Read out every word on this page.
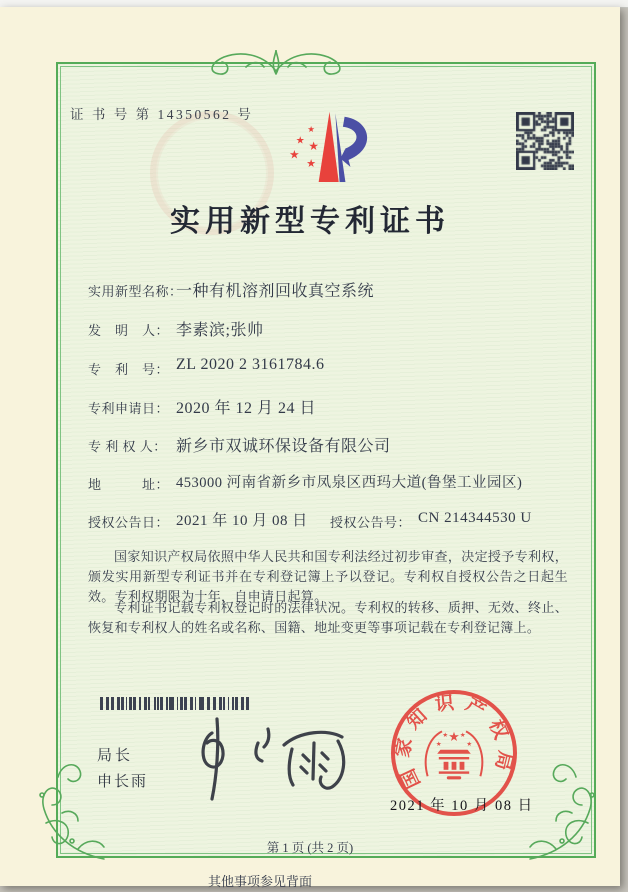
证 书 号 第 14350562 号
★
★ ★
★
★
实用新型专利证书
实用新型名称：
一种有机溶剂回收真空系统
发　明　人： 李素滨;张帅
专　利　号： ZL 2020 2 3161784.6
专利申请日： 2020 年 12 月 24 日
专 利 权 人： 新乡市双诚环保设备有限公司
地　　　址： 453000 河南省新乡市凤泉区西玛大道(鲁堡工业园区)
授权公告日： 2021 年 10 月 08 日 授权公告号： CN 214344530 U
国家知识产权局依照中华人民共和国专利法经过初步审查，决定授予专利权，颁发实用新型专利证书并在专利登记簿上予以登记。专利权自授权公告之日起生效。专利权期限为十年，自申请日起算。
专利证书记载专利权登记时的法律状况。专利权的转移、质押、无效、终止、恢复和专利权人的姓名或名称、国籍、地址变更等事项记载在专利登记簿上。
局长
申长雨	国家知识产权局
★
★
★ ★
★
2021 年 10 月 08 日
第 1 页 (共 2 页)
其他事项参见背面
